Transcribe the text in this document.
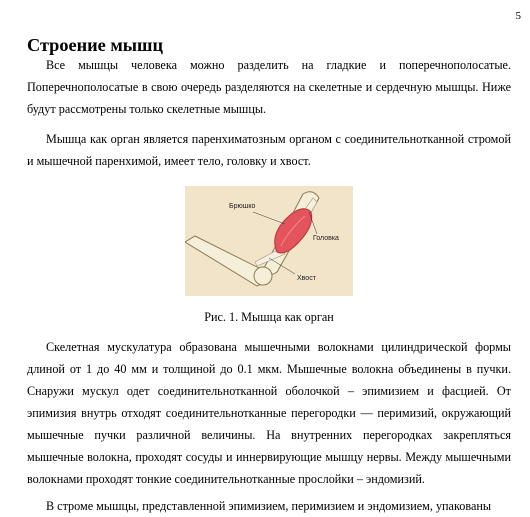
5
Строение мышц

Все мышцы человека можно разделить на гладкие и поперечнополосатые. Поперечнополосатые в свою очередь разделяются на скелетные и сердечную мышцы. Ниже будут рассмотрены только скелетные мышцы.

Мышца как орган является паренхиматозным органом с соединительнотканной стромой и мышечной паренхимой, имеет тело, головку и хвост.

Брюшко
Головка
Хвост
Рис. 1. Мышца как орган

Скелетная мускулатура образована мышечными волокнами цилиндрической формы длиной от 1 до 40 мм и толщиной до 0.1 мкм. Мышечные волокна объединены в пучки. Снаружи мускул одет соединительнотканной оболочкой – эпимизием и фасцией. От эпимизия внутрь отходят соединительнотканные перегородки — перимизий, окружающий мышечные пучки различной величины. На внутренних перегородках закрепляться мышечные волокна, проходят сосуды и иннервирующие мышцу нервы. Между мышечными волокнами проходят тонкие соединительнотканные прослойки – эндомизий.

В строме мышцы, представленной эпимизием, перимизием и эндомизием, упакованы
